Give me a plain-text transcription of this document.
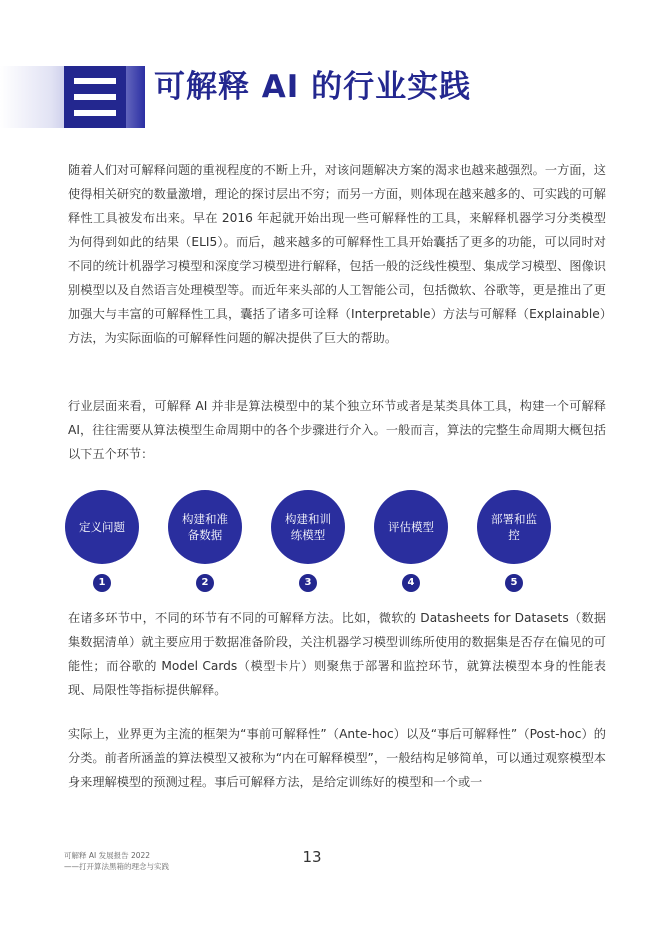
可解释 AI 的行业实践

随着人们对可解释问题的重视程度的不断上升，对该问题解决方案的渴求也越来越强烈。一方面，这使得相关研究的数量激增，理论的探讨层出不穷；而另一方面，则体现在越来越多的、可实践的可解释性工具被发布出来。早在 2016 年起就开始出现一些可解释性的工具，来解释机器学习分类模型为何得到如此的结果（ELI5）。而后，越来越多的可解释性工具开始囊括了更多的功能，可以同时对不同的统计机器学习模型和深度学习模型进行解释，包括一般的泛线性模型、集成学习模型、图像识别模型以及自然语言处理模型等。而近年来头部的人工智能公司，包括微软、谷歌等，更是推出了更加强大与丰富的可解释性工具，囊括了诸多可诠释（Interpretable）方法与可解释（Explainable）方法，为实际面临的可解释性问题的解决提供了巨大的帮助。

行业层面来看，可解释 AI 并非是算法模型中的某个独立环节或者是某类具体工具，构建一个可解释 AI，往往需要从算法模型生命周期中的各个步骤进行介入。一般而言，算法的完整生命周期大概包括以下五个环节：

定义问题
1
构建和准备数据
2
构建和训练模型
3
评估模型
4
部署和监控
5

在诸多环节中，不同的环节有不同的可解释方法。比如，微软的 Datasheets for Datasets（数据集数据清单）就主要应用于数据准备阶段，关注机器学习模型训练所使用的数据集是否存在偏见的可能性；而谷歌的 Model Cards（模型卡片）则聚焦于部署和监控环节，就算法模型本身的性能表现、局限性等指标提供解释。

实际上，业界更为主流的框架为“事前可解释性”（Ante-hoc）以及“事后可解释性”（Post-hoc）的分类。前者所涵盖的算法模型又被称为“内在可解释模型”，一般结构足够简单，可以通过观察模型本身来理解模型的预测过程。事后可解释方法，是给定训练好的模型和一个或一

可解释 AI 发展报告 2022
——打开算法黑箱的理念与实践
13
